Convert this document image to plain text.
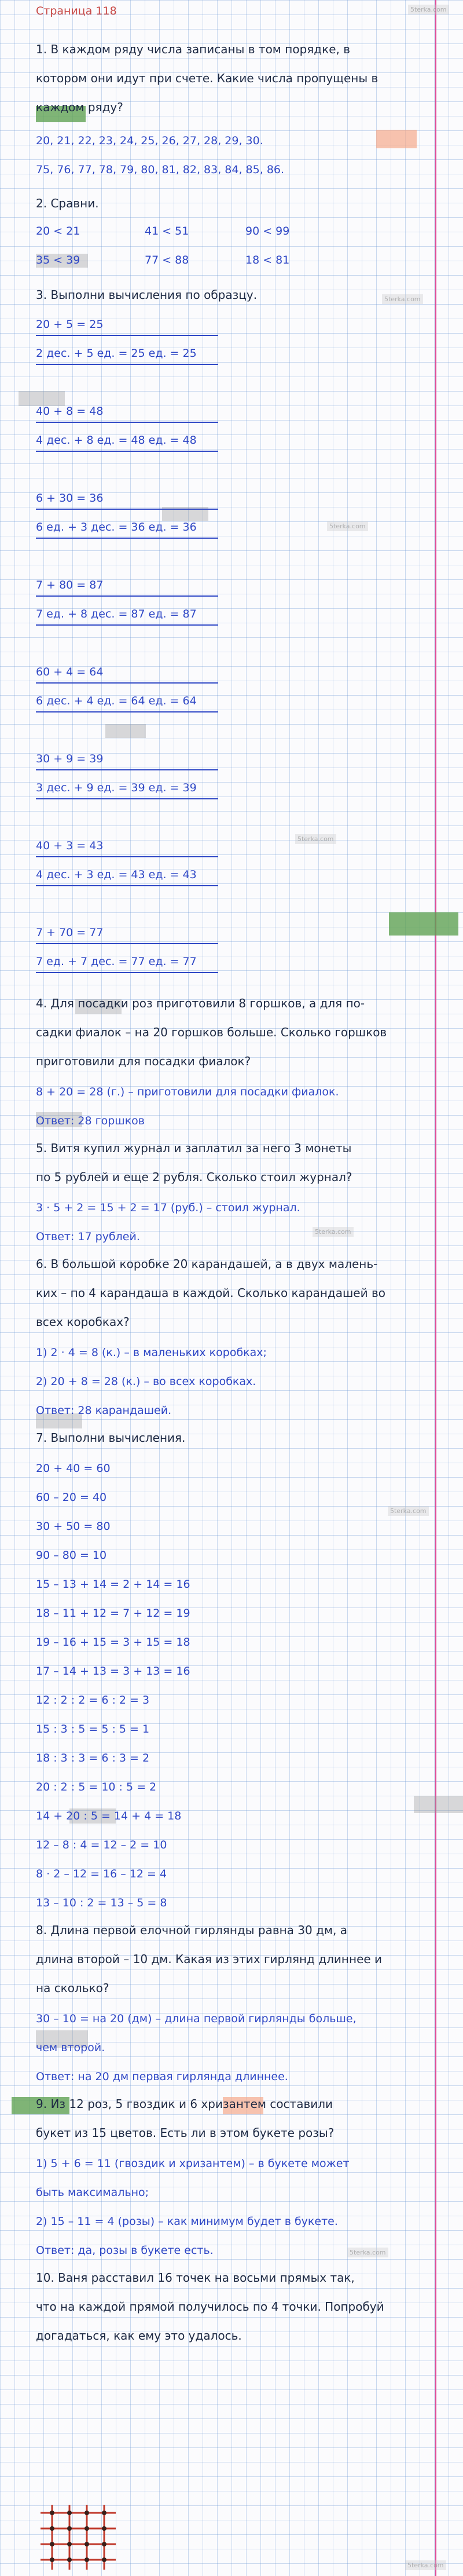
5terka.com
5terka.com
5terka.com
5terka.com
5terka.com
5terka.com
5terka.com
5terka.com
Страница 118
1. В каждом ряду числа записаны в том порядке, в
котором они идут при счете. Какие числа пропущены в
каждом ряду?
20, 21, 22, 23, 24, 25, 26, 27, 28, 29, 30.
75, 76, 77, 78, 79, 80, 81, 82, 83, 84, 85, 86.
2. Сравни.
20 < 21	41 < 51	90 < 99
35 < 39	77 < 88	18 < 81
3. Выполни вычисления по образцу.
20 + 5 = 25
2 дес. + 5 ед. = 25 ед. = 25
40 + 8 = 48
4 дес. + 8 ед. = 48 ед. = 48
6 + 30 = 36
6 ед. + 3 дес. = 36 ед. = 36
7 + 80 = 87
7 ед. + 8 дес. = 87 ед. = 87
60 + 4 = 64
6 дес. + 4 ед. = 64 ед. = 64
30 + 9 = 39
3 дес. + 9 ед. = 39 ед. = 39
40 + 3 = 43
4 дес. + 3 ед. = 43 ед. = 43
7 + 70 = 77
7 ед. + 7 дес. = 77 ед. = 77
4. Для посадки роз приготовили 8 горшков, а для по-
садки фиалок – на 20 горшков больше. Сколько горшков
приготовили для посадки фиалок?
8 + 20 = 28 (г.) – приготовили для посадки фиалок.
Ответ: 28 горшков
5. Витя купил журнал и заплатил за него 3 монеты
по 5 рублей и еще 2 рубля. Сколько стоил журнал?
3 · 5 + 2 = 15 + 2 = 17 (руб.) – стоил журнал.
Ответ: 17 рублей.
6. В большой коробке 20 карандашей, а в двух малень-
ких – по 4 карандаша в каждой. Сколько карандашей во
всех коробках?
1) 2 · 4 = 8 (к.) – в маленьких коробках;
2) 20 + 8 = 28 (к.) – во всех коробках.
Ответ: 28 карандашей.
7. Выполни вычисления.
20 + 40 = 60
60 – 20 = 40
30 + 50 = 80
90 – 80 = 10
15 – 13 + 14 = 2 + 14 = 16
18 – 11 + 12 = 7 + 12 = 19
19 – 16 + 15 = 3 + 15 = 18
17 – 14 + 13 = 3 + 13 = 16
12 : 2 : 2 = 6 : 2 = 3
15 : 3 : 5 = 5 : 5 = 1
18 : 3 : 3 = 6 : 3 = 2
20 : 2 : 5 = 10 : 5 = 2
14 + 20 : 5 = 14 + 4 = 18
12 – 8 : 4 = 12 – 2 = 10
8 · 2 – 12 = 16 – 12 = 4
13 – 10 : 2 = 13 – 5 = 8
8. Длина первой елочной гирлянды равна 30 дм, а
длина второй – 10 дм. Какая из этих гирлянд длиннее и
на сколько?
30 – 10 = на 20 (дм) – длина первой гирлянды больше,
чем второй.
Ответ: на 20 дм первая гирлянда длиннее.
9. Из 12 роз, 5 гвоздик и 6 хризантем составили
букет из 15 цветов. Есть ли в этом букете розы?
1) 5 + 6 = 11 (гвоздик и хризантем) – в букете может
быть максимально;
2) 15 – 11 = 4 (розы) – как минимум будет в букете.
Ответ: да, розы в букете есть.
10. Ваня расставил 16 точек на восьми прямых так,
что на каждой прямой получилось по 4 точки. Попробуй
догадаться, как ему это удалось.
